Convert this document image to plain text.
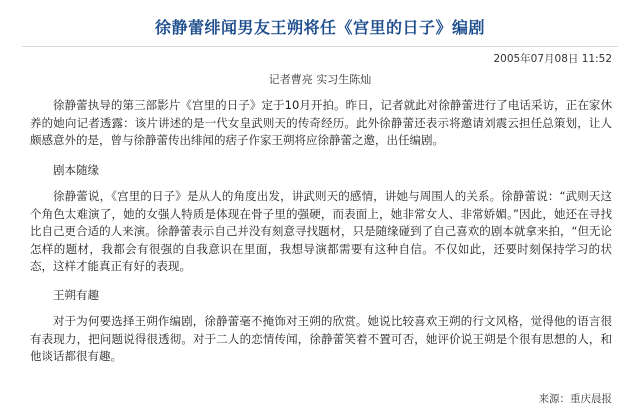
徐静蕾绯闻男友王朔将任《宫里的日子》编剧
2005年07月08日 11:52
记者曹亮 实习生陈灿

徐静蕾执导的第三部影片《宫里的日子》定于10月开拍。昨日，记者就此对徐静蕾进行了电话采访，正在家休养的她向记者透露：该片讲述的是一代女皇武则天的传奇经历。此外徐静蕾还表示将邀请刘震云担任总策划，让人颇感意外的是，曾与徐静蕾传出绯闻的痞子作家王朔将应徐静蕾之邀，出任编剧。

剧本随缘

徐静蕾说，《宫里的日子》是从人的角度出发，讲武则天的感情，讲她与周围人的关系。徐静蕾说：“武则天这个角色太难演了，她的女强人特质是体现在骨子里的强硬，而表面上，她非常女人、非常娇媚。”因此，她还在寻找比自己更合适的人来演。徐静蕾表示自己并没有刻意寻找题材，只是随缘碰到了自己喜欢的剧本就拿来拍，“但无论怎样的题材，我都会有很强的自我意识在里面，我想导演都需要有这种自信。不仅如此，还要时刻保持学习的状态，这样才能真正有好的表现。

王朔有趣

对于为何要选择王朔作编剧，徐静蕾毫不掩饰对王朔的欣赏。她说比较喜欢王朔的行文风格，觉得他的语言很有表现力，把问题说得很透彻。对于二人的恋情传闻，徐静蕾笑着不置可否，她评价说王朔是个很有思想的人，和他谈话都很有趣。

来源：重庆晨报
